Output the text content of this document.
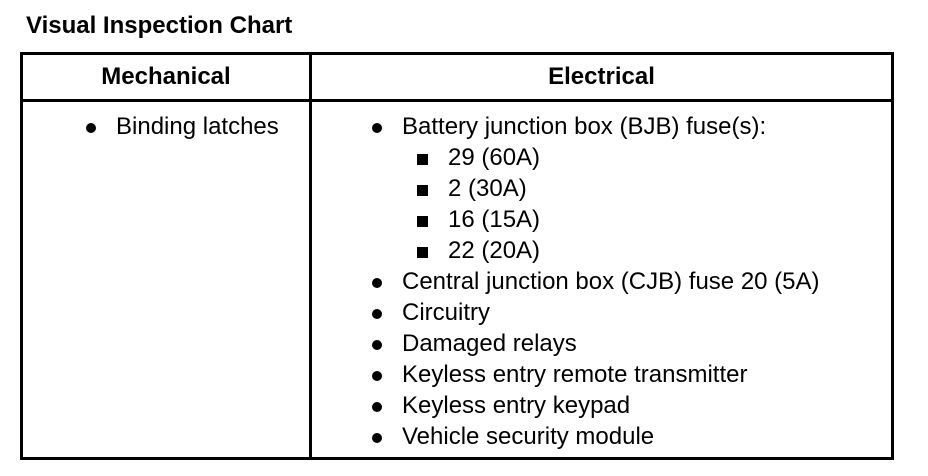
Visual Inspection Chart
Mechanical	Electrical
Binding latches	Battery junction box (BJB) fuse(s):
29 (60A)
2 (30A)
16 (15A)
22 (20A)
Central junction box (CJB) fuse 20 (5A)
Circuitry
Damaged relays
Keyless entry remote transmitter
Keyless entry keypad
Vehicle security module
